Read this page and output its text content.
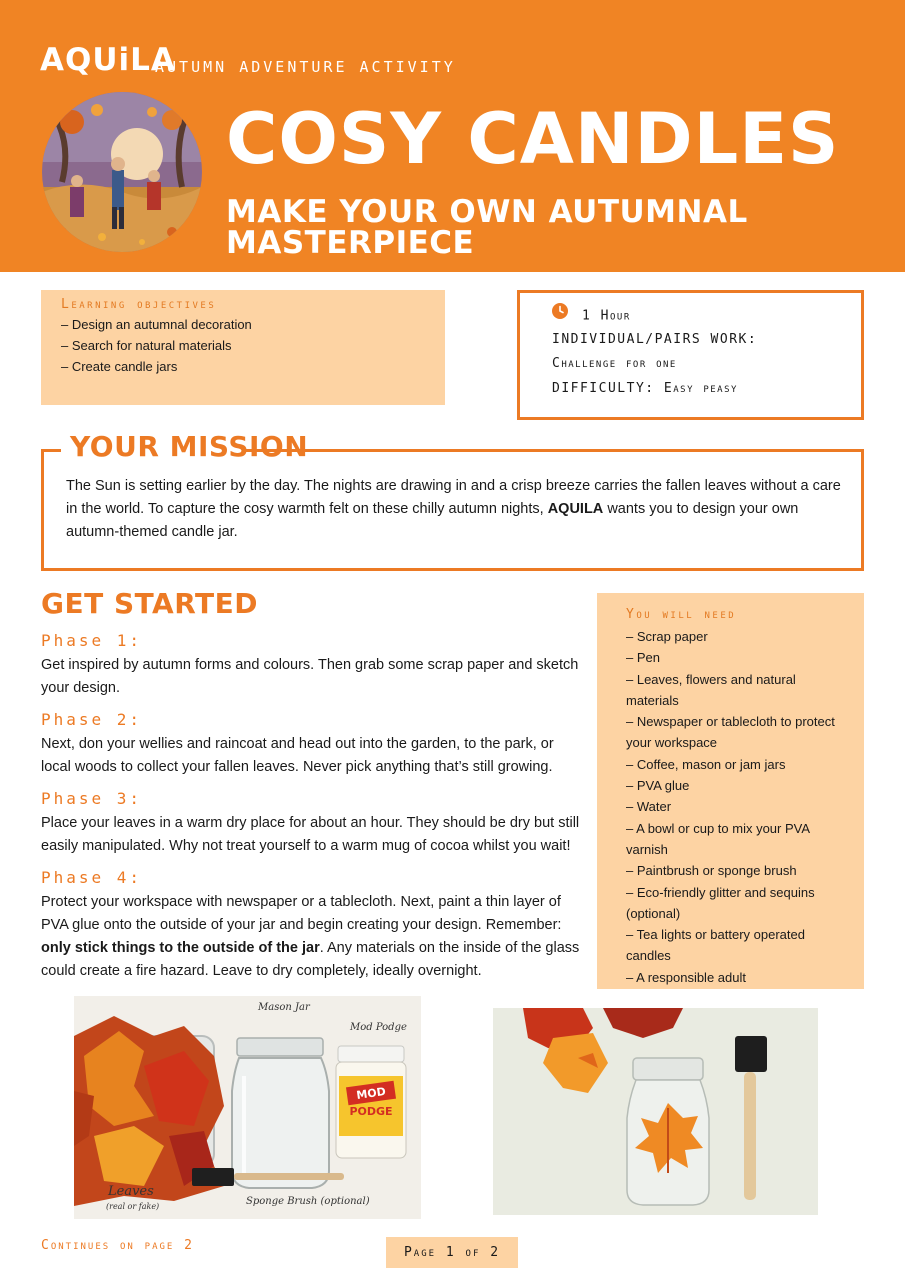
AQUiLA
AUTUMN ADVENTURE ACTIVITY
COSY CANDLES
MAKE YOUR OWN AUTUMNAL MASTERPIECE
Learning objectives
– Design an autumnal decoration
– Search for natural materials
– Create candle jars
1 Hour
INDIVIDUAL/PAIRS WORK:
Challenge for one
DIFFICULTY: Easy peasy
YOUR MISSION
The Sun is setting earlier by the day. The nights are drawing in and a crisp breeze carries the fallen leaves without a care in the world. To capture the cosy warmth felt on these chilly autumn nights, AQUILA wants you to design your own autumn-themed candle jar.
GET STARTED
Phase 1:
Get inspired by autumn forms and colours. Then grab some scrap paper and sketch your design.
Phase 2:
Next, don your wellies and raincoat and head out into the garden, to the park, or local woods to collect your fallen leaves. Never pick anything that’s still growing.
Phase 3:
Place your leaves in a warm dry place for about an hour. They should be dry but still easily manipulated. Why not treat yourself to a warm mug of cocoa whilst you wait!
Phase 4:
Protect your workspace with newspaper or a tablecloth. Next, paint a thin layer of PVA glue onto the outside of your jar and begin creating your design. Remember: only stick things to the outside of the jar. Any materials on the inside of the glass could create a fire hazard. Leave to dry completely, ideally overnight.
You will need
– Scrap paper
– Pen
– Leaves, flowers and natural materials
– Newspaper or tablecloth to protect your workspace
– Coffee, mason or jam jars
– PVA glue
– Water
– A bowl or cup to mix your PVA varnish
– Paintbrush or sponge brush
– Eco-friendly glitter and sequins (optional)
– Tea lights or battery operated candles
– A responsible adult
MOD
PODGE
Mason Jar
Mod Podge
Leaves
(real or fake)	Sponge Brush (optional)
Continues on page 2	Page 1 of 2
